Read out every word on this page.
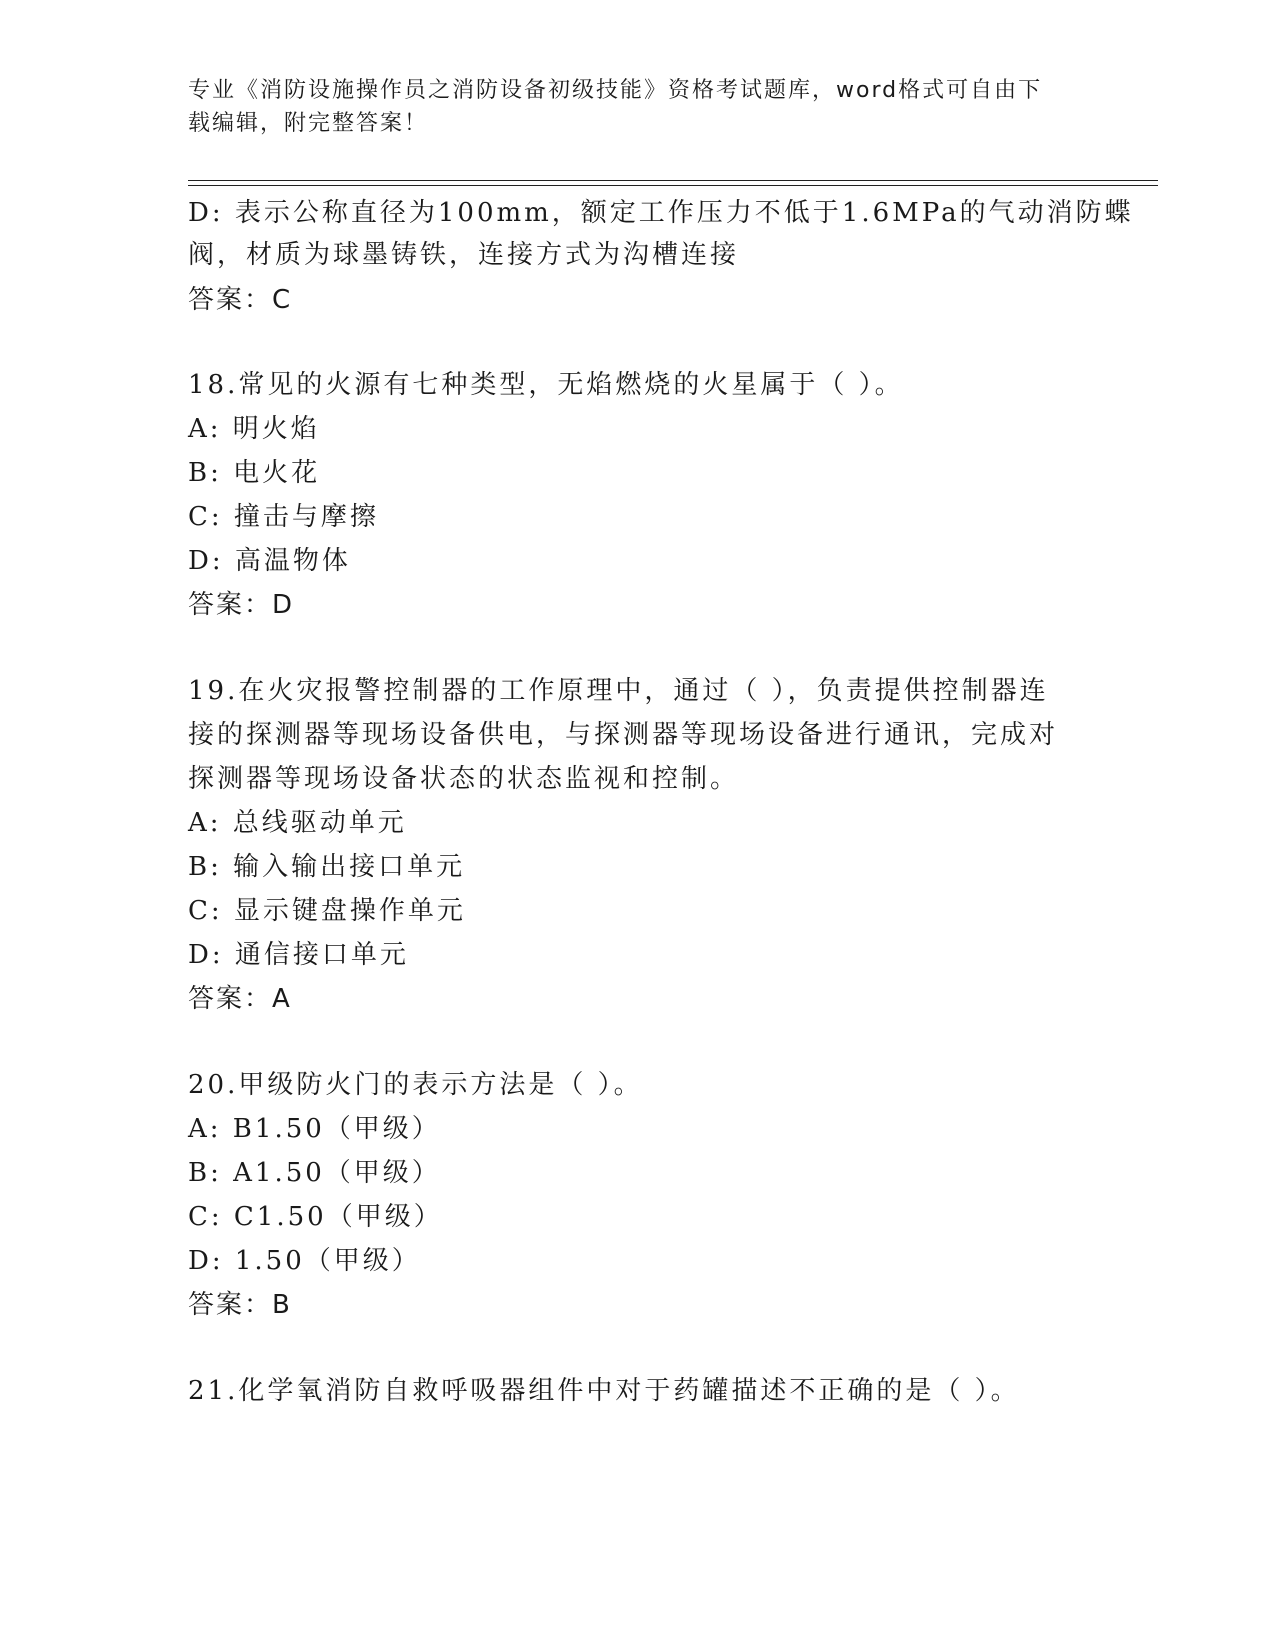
专业《消防设施操作员之消防设备初级技能》资格考试题库，word格式可自由下
载编辑，附完整答案！
D: 表示公称直径为100mm，额定工作压力不低于1.6MPa的气动消防蝶
阀，材质为球墨铸铁，连接方式为沟槽连接
答案：C
18.常见的火源有七种类型，无焰燃烧的火星属于（ ）。
A: 明火焰
B: 电火花
C: 撞击与摩擦
D: 高温物体
答案：D
19.在火灾报警控制器的工作原理中，通过（ ），负责提供控制器连
接的探测器等现场设备供电，与探测器等现场设备进行通讯，完成对
探测器等现场设备状态的状态监视和控制。
A: 总线驱动单元
B: 输入输出接口单元
C: 显示键盘操作单元
D: 通信接口单元
答案：A
20.甲级防火门的表示方法是（ ）。
A: B1.50（甲级）
B: A1.50（甲级）
C: C1.50（甲级）
D: 1.50（甲级）
答案：B
21.化学氧消防自救呼吸器组件中对于药罐描述不正确的是（ ）。
